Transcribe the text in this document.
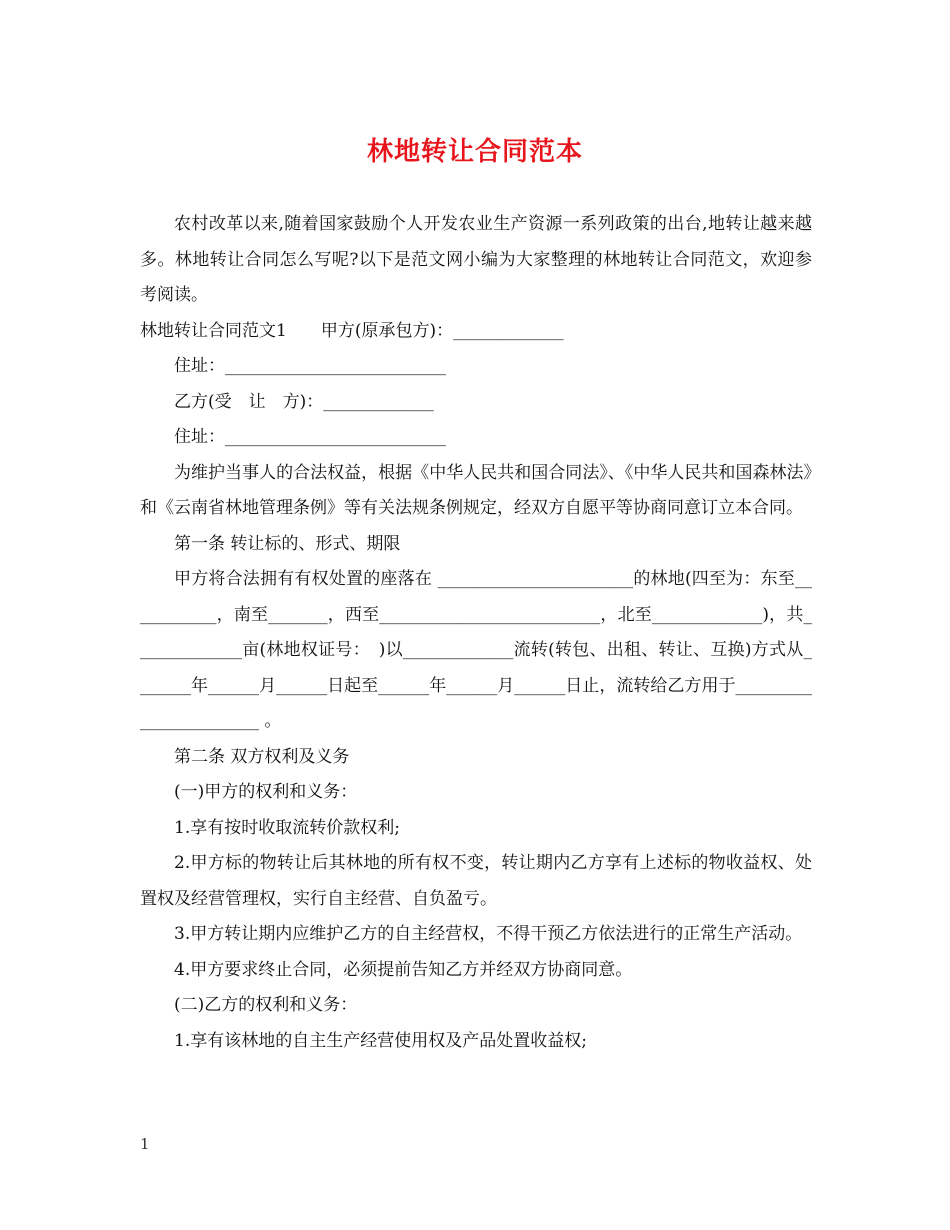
林地转让合同范本

农村改革以来,随着国家鼓励个人开发农业生产资源一系列政策的出台,地转让越来越多。林地转让合同怎么写呢?以下是范文网小编为大家整理的林地转让合同范文，欢迎参考阅读。

林地转让合同范文1　　甲方(原承包方)：_____________

住址：__________________________

乙方(受　让　方)：_____________

住址：__________________________

为维护当事人的合法权益，根据《中华人民共和国合同法》、《中华人民共和国森林法》和《云南省林地管理条例》等有关法规条例规定，经双方自愿平等协商同意订立本合同。

第一条 转让标的、形式、期限

甲方将合法拥有有权处置的座落在 _______________________的林地(四至为：东至___________，南至_______，西至__________________________，北至_____________)，共_____________亩(林地权证号：　)以_____________流转(转包、出租、转让、互换)方式从_______年______月______日起至______年______月______日止，流转给乙方用于_______________________ 。

第二条 双方权利及义务

(一)甲方的权利和义务：

1.享有按时收取流转价款权利;

2.甲方标的物转让后其林地的所有权不变，转让期内乙方享有上述标的物收益权、处置权及经营管理权，实行自主经营、自负盈亏。

3.甲方转让期内应维护乙方的自主经营权，不得干预乙方依法进行的正常生产活动。

4.甲方要求终止合同，必须提前告知乙方并经双方协商同意。

(二)乙方的权利和义务：

1.享有该林地的自主生产经营使用权及产品处置收益权;

1
